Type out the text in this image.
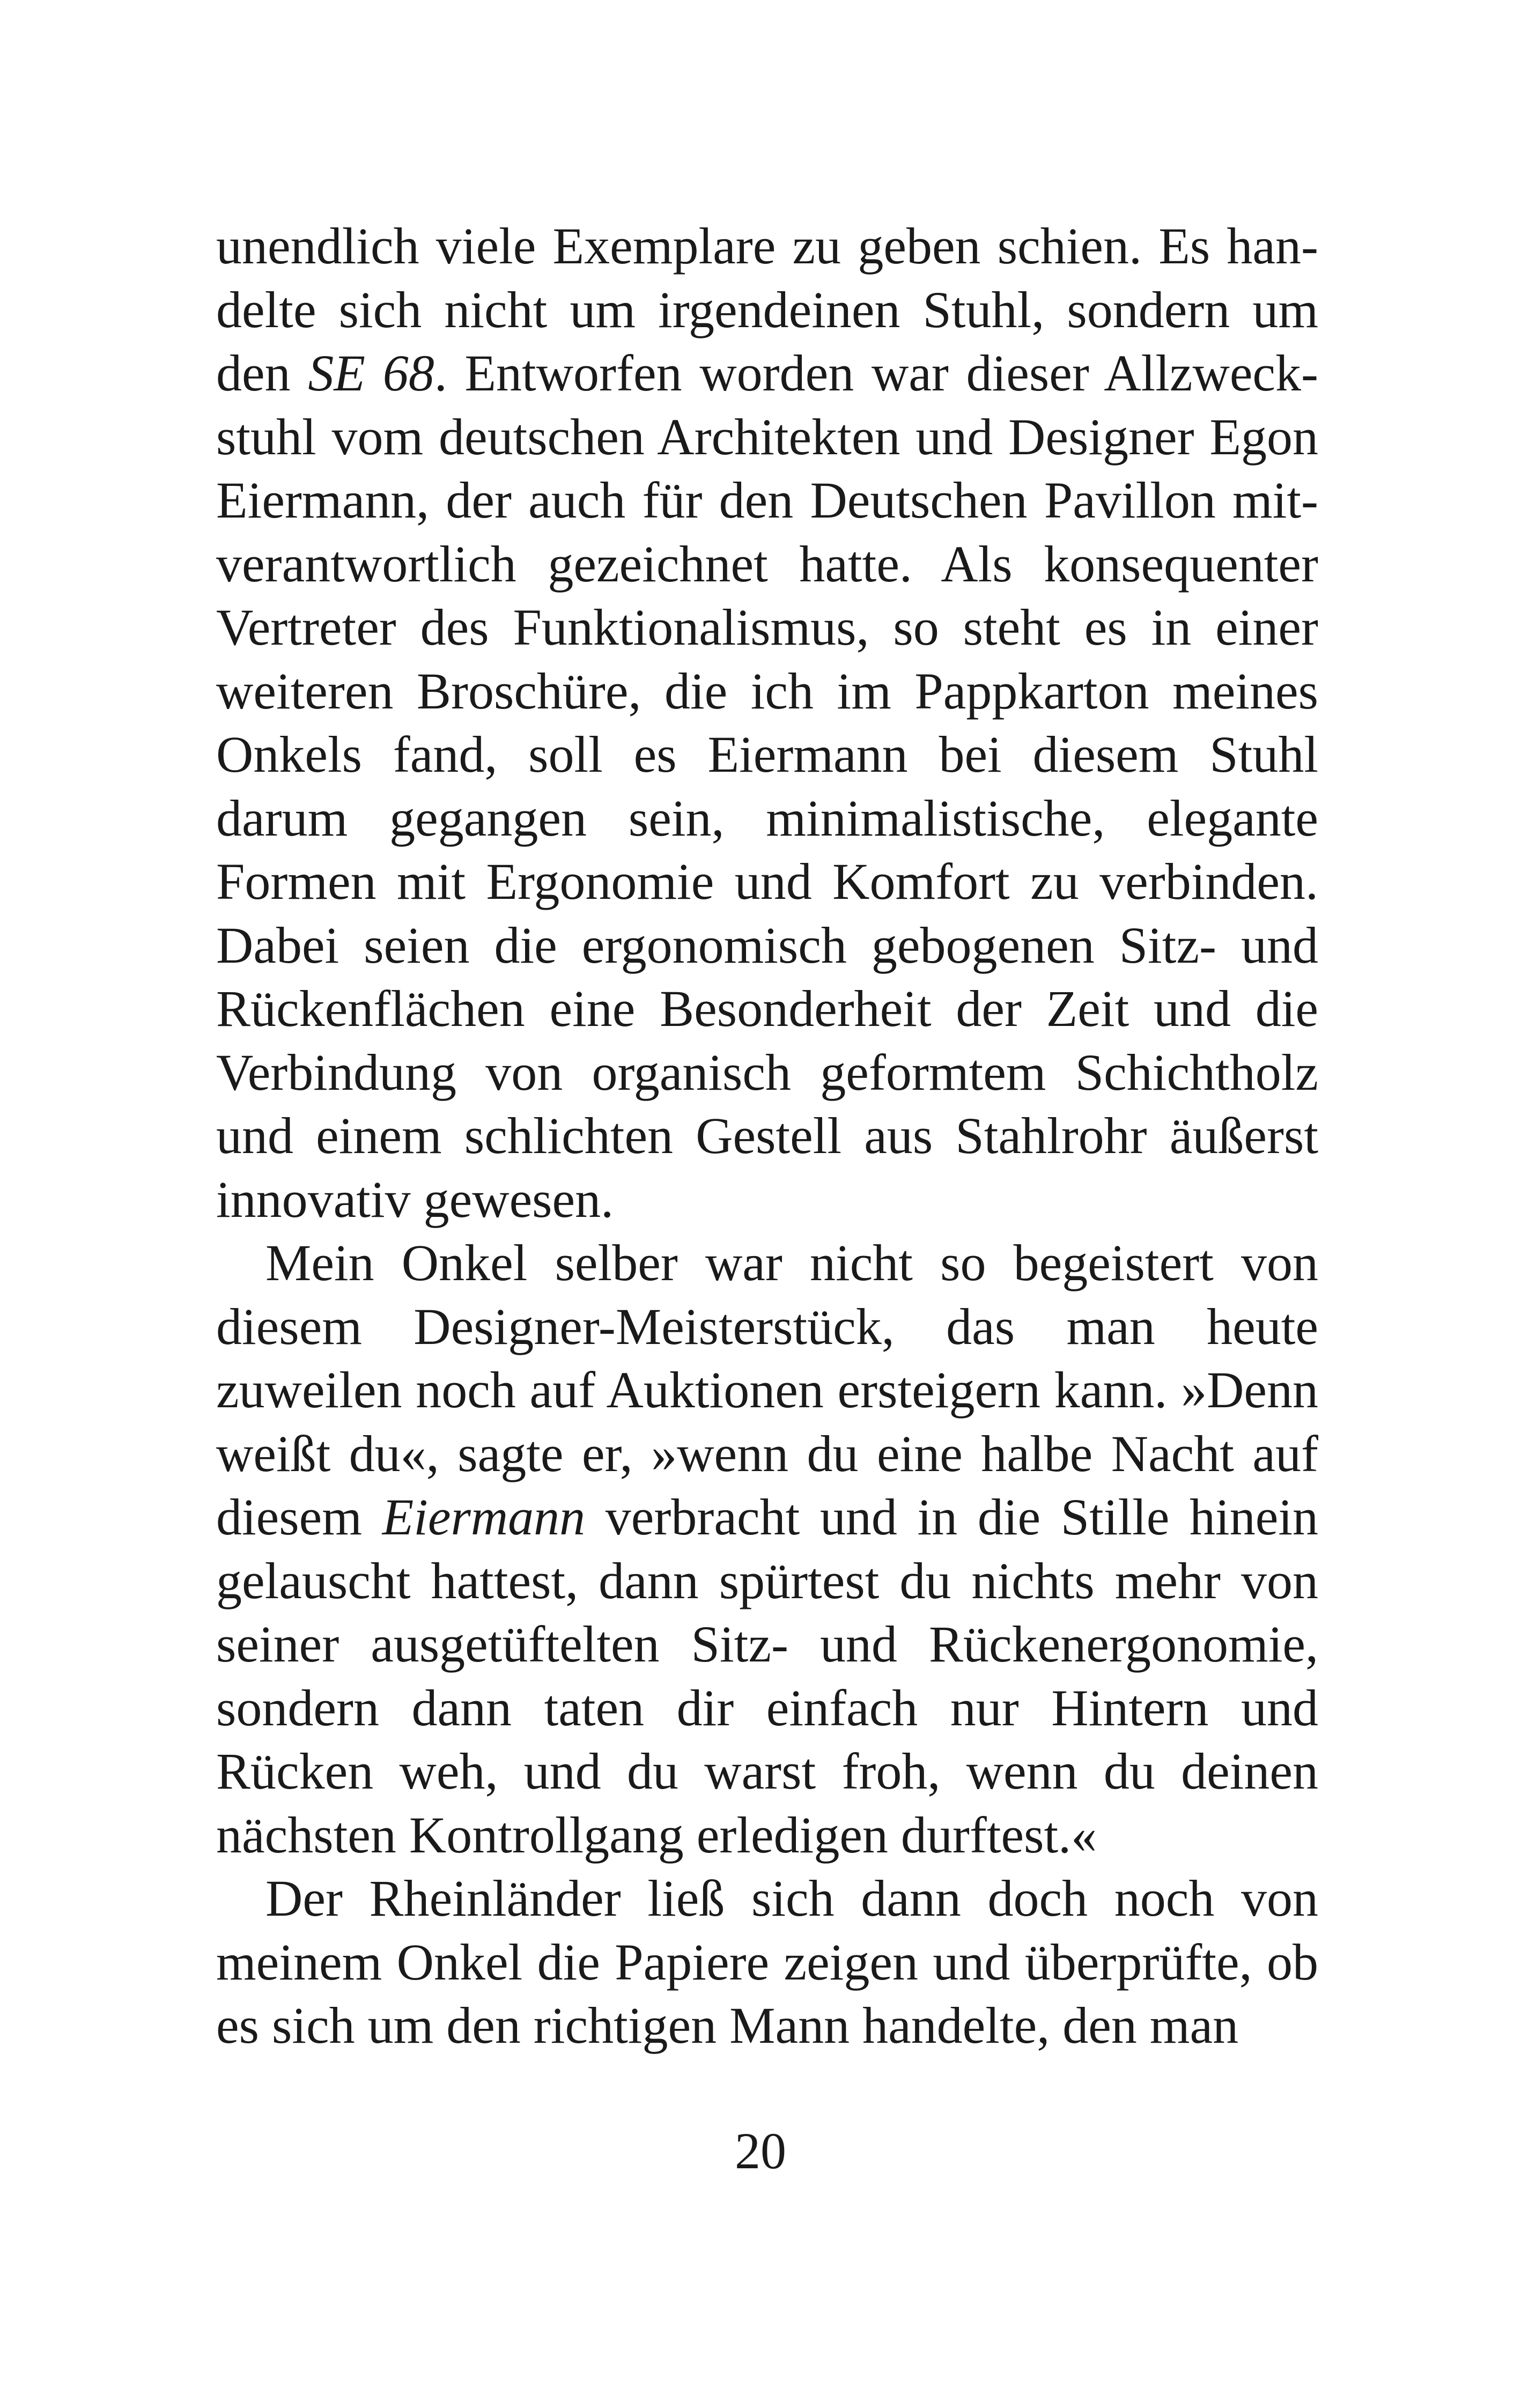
unendlich viele Exemplare zu geben schien. Es han-
delte sich nicht um irgendeinen Stuhl, sondern um
den SE 68. Entworfen worden war dieser Allzweck-
stuhl vom deutschen Architekten und Designer Egon
Eiermann, der auch für den Deutschen Pavillon mit-
verantwortlich gezeichnet hatte. Als konsequenter
Vertreter des Funktionalismus, so steht es in einer
weiteren Broschüre, die ich im Pappkarton meines
Onkels fand, soll es Eiermann bei diesem Stuhl
darum gegangen sein, minimalistische, elegante
Formen mit Ergonomie und Komfort zu verbinden.
Dabei seien die ergonomisch gebogenen Sitz- und
Rückenflächen eine Besonderheit der Zeit und die
Verbindung von organisch geformtem Schichtholz
und einem schlichten Gestell aus Stahlrohr äußerst
innovativ gewesen.
Mein Onkel selber war nicht so begeistert von
diesem Designer-Meisterstück, das man heute
zuweilen noch auf Auktionen ersteigern kann. »Denn
weißt du«, sagte er, »wenn du eine halbe Nacht auf
diesem Eiermann verbracht und in die Stille hinein
gelauscht hattest, dann spürtest du nichts mehr von
seiner ausgetüftelten Sitz- und Rückenergonomie,
sondern dann taten dir einfach nur Hintern und
Rücken weh, und du warst froh, wenn du deinen
nächsten Kontrollgang erledigen durftest.«
Der Rheinländer ließ sich dann doch noch von
meinem Onkel die Papiere zeigen und überprüfte, ob
es sich um den richtigen Mann handelte, den man
20
